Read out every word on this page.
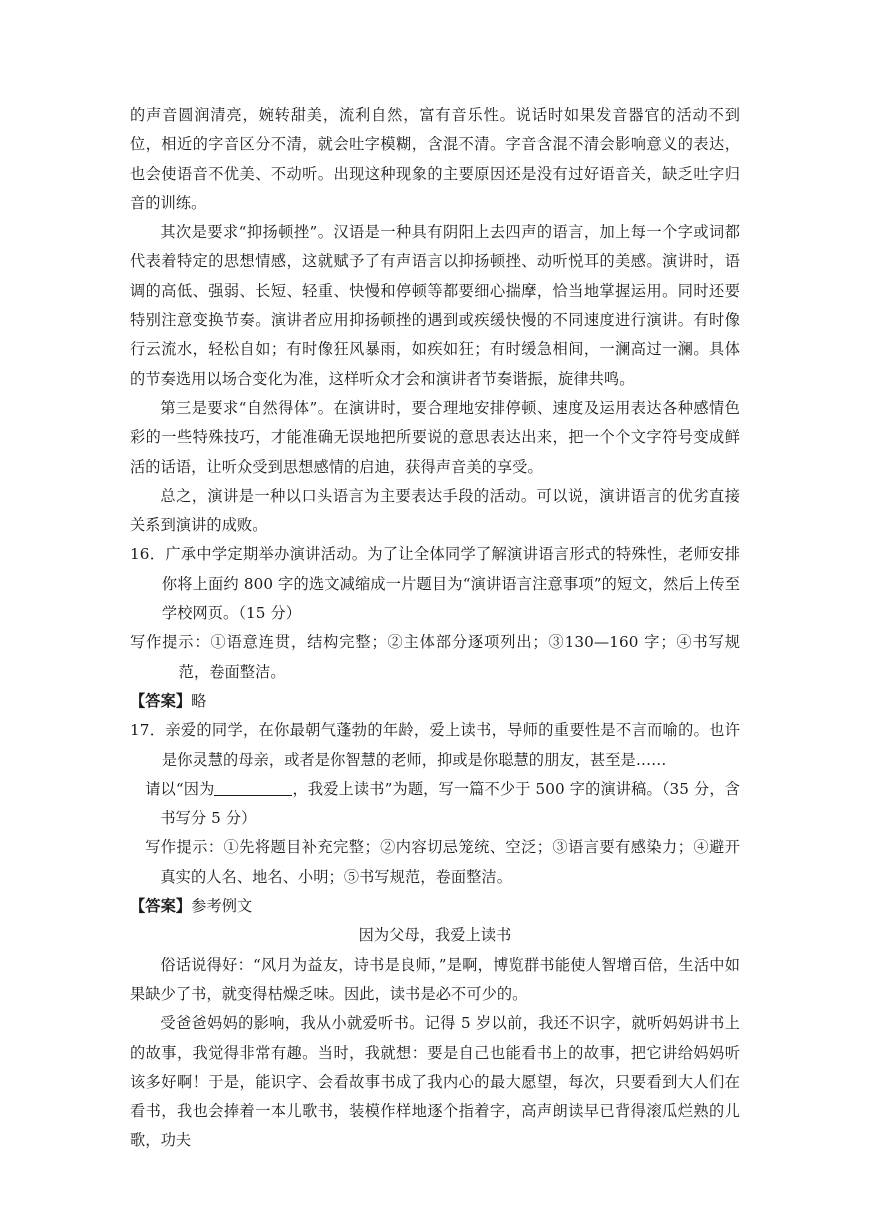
的声音圆润清亮，婉转甜美，流利自然，富有音乐性。说话时如果发音器官的活动不到位，相近的字音区分不清，就会吐字模糊，含混不清。字音含混不清会影响意义的表达，也会使语音不优美、不动听。出现这种现象的主要原因还是没有过好语音关，缺乏吐字归音的训练。

其次是要求“抑扬顿挫”。汉语是一种具有阴阳上去四声的语言，加上每一个字或词都代表着特定的思想情感，这就赋予了有声语言以抑扬顿挫、动听悦耳的美感。演讲时，语调的高低、强弱、长短、轻重、快慢和停顿等都要细心揣摩，恰当地掌握运用。同时还要特别注意变换节奏。演讲者应用抑扬顿挫的遇到或疾缓快慢的不同速度进行演讲。有时像行云流水，轻松自如；有时像狂风暴雨，如疾如狂；有时缓急相间，一澜高过一澜。具体的节奏选用以场合变化为准，这样听众才会和演讲者节奏谐振，旋律共鸣。

第三是要求“自然得体”。在演讲时，要合理地安排停顿、速度及运用表达各种感情色彩的一些特殊技巧，才能准确无误地把所要说的意思表达出来，把一个个文字符号变成鲜活的话语，让听众受到思想感情的启迪，获得声音美的享受。

总之，演讲是一种以口头语言为主要表达手段的活动。可以说，演讲语言的优劣直接关系到演讲的成败。

16．广承中学定期举办演讲活动。为了让全体同学了解演讲语言形式的特殊性，老师安排你将上面约 800 字的选文减缩成一片题目为“演讲语言注意事项”的短文，然后上传至学校网页。（15 分）

写作提示：①语意连贯，结构完整；②主体部分逐项列出；③130—160 字；④书写规范，卷面整洁。

【答案】略

17．亲爱的同学，在你最朝气蓬勃的年龄，爱上读书，导师的重要性是不言而喻的。也许是你灵慧的母亲，或者是你智慧的老师，抑或是你聪慧的朋友，甚至是……

请以“因为	，我爱上读书”为题，写一篇不少于 500 字的演讲稿。（35 分，含书写分 5 分）

写作提示：①先将题目补充完整；②内容切忌笼统、空泛；③语言要有感染力；④避开真实的人名、地名、小明；⑤书写规范，卷面整洁。

【答案】参考例文

因为父母，我爱上读书

俗话说得好：“风月为益友，诗书是良师，”是啊，博览群书能使人智增百倍，生活中如果缺少了书，就变得枯燥乏味。因此，读书是必不可少的。

受爸爸妈妈的影响，我从小就爱听书。记得 5 岁以前，我还不识字，就听妈妈讲书上的故事，我觉得非常有趣。当时，我就想：要是自己也能看书上的故事，把它讲给妈妈听该多好啊！于是，能识字、会看故事书成了我内心的最大愿望，每次，只要看到大人们在看书，我也会捧着一本儿歌书，装模作样地逐个指着字，高声朗读早已背得滚瓜烂熟的儿歌，功夫
